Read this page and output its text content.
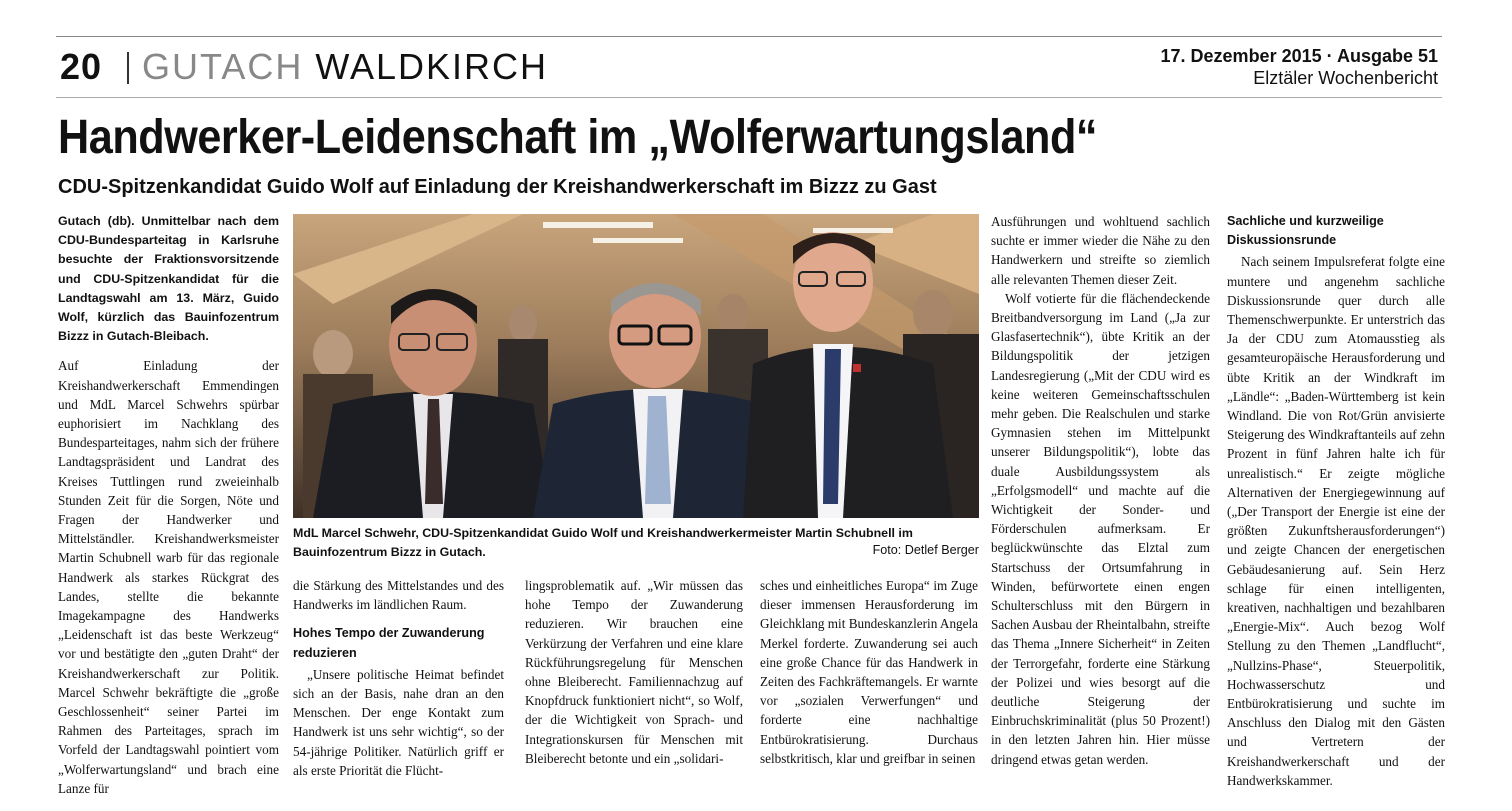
20 GUTACH WALDKIRCH	17. Dezember 2015 · Ausgabe 51
Elztäler Wochenbericht
Handwerker-Leidenschaft im „Wolferwartungsland“
CDU-Spitzenkandidat Guido Wolf auf Einladung der Kreishandwerkerschaft im Bizzz zu Gast

Gutach (db). Unmittelbar nach dem CDU-Bundesparteitag in Karlsruhe besuchte der Fraktionsvorsitzende und CDU-Spitzenkandidat für die Landtagswahl am 13. März, Guido Wolf, kürzlich das Bauinfozentrum Bizzz in Gutach-Bleibach.

Auf Einladung der Kreishandwerkerschaft Emmendingen und MdL Marcel Schwehrs spürbar euphorisiert im Nachklang des Bundesparteitages, nahm sich der frühere Landtagspräsident und Landrat des Kreises Tuttlingen rund zweieinhalb Stunden Zeit für die Sorgen, Nöte und Fragen der Handwerker und Mittelständler. Kreishandwerksmeister Martin Schubnell warb für das regionale Handwerk als starkes Rückgrat des Landes, stellte die bekannte Imagekampagne des Handwerks „Leidenschaft ist das beste Werkzeug“ vor und bestätigte den „guten Draht“ der Kreishandwerkerschaft zur Politik. Marcel Schwehr bekräftigte die „große Geschlossenheit“ seiner Partei im Rahmen des Parteitages, sprach im Vorfeld der Landtagswahl pointiert vom „Wolferwartungsland“ und brach eine Lanze für

MdL Marcel Schwehr, CDU-Spitzenkandidat Guido Wolf und Kreishandwerkermeister Martin Schubnell im Bauinfozentrum Bizzz in Gutach.	Foto: Detlef Berger

die Stärkung des Mittelstandes und des Handwerks im ländlichen Raum.

Hohes Tempo der Zuwanderung reduzieren

„Unsere politische Heimat befindet sich an der Basis, nahe dran an den Menschen. Der enge Kontakt zum Handwerk ist uns sehr wichtig“, so der 54-jährige Politiker. Natürlich griff er als erste Priorität die Flücht-

lingsproblematik auf. „Wir müssen das hohe Tempo der Zuwanderung reduzieren. Wir brauchen eine Verkürzung der Verfahren und eine klare Rückführungsregelung für Menschen ohne Bleiberecht. Familiennachzug auf Knopfdruck funktioniert nicht“, so Wolf, der die Wichtigkeit von Sprach- und Integrationskursen für Menschen mit Bleiberecht betonte und ein „solidari-

sches und einheitliches Europa“ im Zuge dieser immensen Herausforderung im Gleichklang mit Bundeskanzlerin Angela Merkel forderte. Zuwanderung sei auch eine große Chance für das Handwerk in Zeiten des Fachkräftemangels. Er warnte vor „sozialen Verwerfungen“ und forderte eine nachhaltige Entbürokratisierung. Durchaus selbstkritisch, klar und greifbar in seinen

Ausführungen und wohltuend sachlich suchte er immer wieder die Nähe zu den Handwerkern und streifte so ziemlich alle relevanten Themen dieser Zeit.

Wolf votierte für die flächendeckende Breitbandversorgung im Land („Ja zur Glasfasertechnik“), übte Kritik an der Bildungspolitik der jetzigen Landesregierung („Mit der CDU wird es keine weiteren Gemeinschaftsschulen mehr geben. Die Realschulen und starke Gymnasien stehen im Mittelpunkt unserer Bildungspolitik“), lobte das duale Ausbildungssystem als „Erfolgsmodell“ und machte auf die Wichtigkeit der Sonder- und Förderschulen aufmerksam. Er beglückwünschte das Elztal zum Startschuss der Ortsumfahrung in Winden, befürwortete einen engen Schulterschluss mit den Bürgern in Sachen Ausbau der Rheintalbahn, streifte das Thema „Innere Sicherheit“ in Zeiten der Terrorgefahr, forderte eine Stärkung der Polizei und wies besorgt auf die deutliche Steigerung der Einbruchskriminalität (plus 50 Prozent!) in den letzten Jahren hin. Hier müsse dringend etwas getan werden.

Sachliche und kurzweilige Diskussionsrunde

Nach seinem Impulsreferat folgte eine muntere und angenehm sachliche Diskussionsrunde quer durch alle Themenschwerpunkte. Er unterstrich das Ja der CDU zum Atomausstieg als gesamteuropäische Herausforderung und übte Kritik an der Windkraft im „Ländle“: „Baden-Württemberg ist kein Windland. Die von Rot/Grün anvisierte Steigerung des Windkraftanteils auf zehn Prozent in fünf Jahren halte ich für unrealistisch.“ Er zeigte mögliche Alternativen der Energiegewinnung auf („Der Transport der Energie ist eine der größten Zukunftsherausforderungen“) und zeigte Chancen der energetischen Gebäudesanierung auf. Sein Herz schlage für einen intelligenten, kreativen, nachhaltigen und bezahlbaren „Energie-Mix“. Auch bezog Wolf Stellung zu den Themen „Landflucht“, „Nullzins-Phase“, Steuerpolitik, Hochwasserschutz und Entbürokratisierung und suchte im Anschluss den Dialog mit den Gästen und Vertretern der Kreishandwerkerschaft und der Handwerkskammer.
